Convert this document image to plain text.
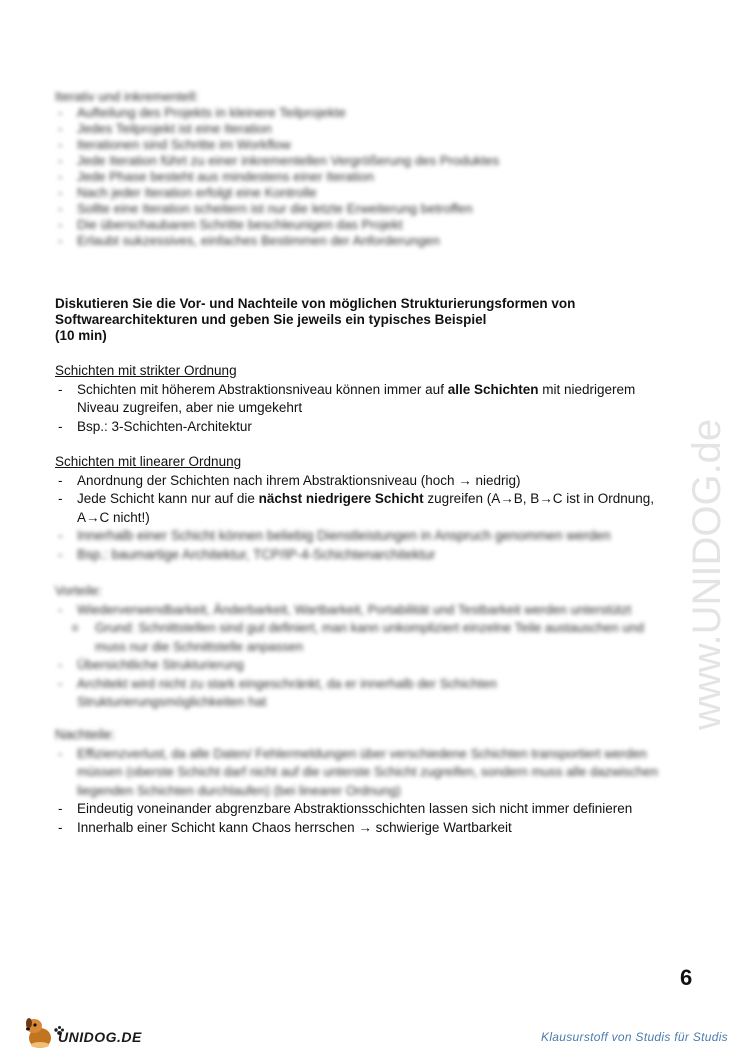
Iterativ und inkrementell:
- Aufteilung des Projekts in kleinere Teilprojekte
- Jedes Teilprojekt ist eine Iteration
- Iterationen sind Schritte im Workflow
- Jede Iteration führt zu einer inkrementellen Vergrößerung des Produktes
- Jede Phase besteht aus mindestens einer Iteration
- Nach jeder Iteration erfolgt eine Kontrolle
- Sollte eine Iteration scheitern ist nur die letzte Erweiterung betroffen
- Die überschaubaren Schritte beschleunigen das Projekt
- Erlaubt sukzessives, einfaches Bestimmen der Anforderungen
Diskutieren Sie die Vor- und Nachteile von möglichen Strukturierungsformen von
Softwarearchitekturen und geben Sie jeweils ein typisches Beispiel
(10 min)
Schichten mit strikter Ordnung
- Schichten mit höherem Abstraktionsniveau können immer auf alle Schichten mit niedrigerem
Niveau zugreifen, aber nie umgekehrt
- Bsp.: 3-Schichten-Architektur
Schichten mit linearer Ordnung
- Anordnung der Schichten nach ihrem Abstraktionsniveau (hoch → niedrig)
- Jede Schicht kann nur auf die nächst niedrigere Schicht zugreifen (A→B, B→C ist in Ordnung,
A→C nicht!)
- Innerhalb einer Schicht können beliebig Dienstleistungen in Anspruch genommen werden
- Bsp.: baumartige Architektur, TCP/IP-4-Schichtenarchitektur
Vorteile:
- Wiederverwendbarkeit, Änderbarkeit, Wartbarkeit, Portabilität und Testbarkeit werden unterstützt
o Grund: Schnittstellen sind gut definiert, man kann unkompliziert einzelne Teile austauschen und
muss nur die Schnittstelle anpassen
- Übersichtliche Strukturierung
- Architekt wird nicht zu stark eingeschränkt, da er innerhalb der Schichten
Strukturierungsmöglichkeiten hat
Nachteile:
- Effizienzverlust, da alle Daten/ Fehlermeldungen über verschiedene Schichten transportiert werden
müssen (oberste Schicht darf nicht auf die unterste Schicht zugreifen, sondern muss alle dazwischen
liegenden Schichten durchlaufen) (bei linearer Ordnung)
- Eindeutig voneinander abgrenzbare Abstraktionsschichten lassen sich nicht immer definieren
- Innerhalb einer Schicht kann Chaos herrschen → schwierige Wartbarkeit
www.UNIDOG.de
6
UNIDOG.DE	Klausurstoff von Studis für Studis
